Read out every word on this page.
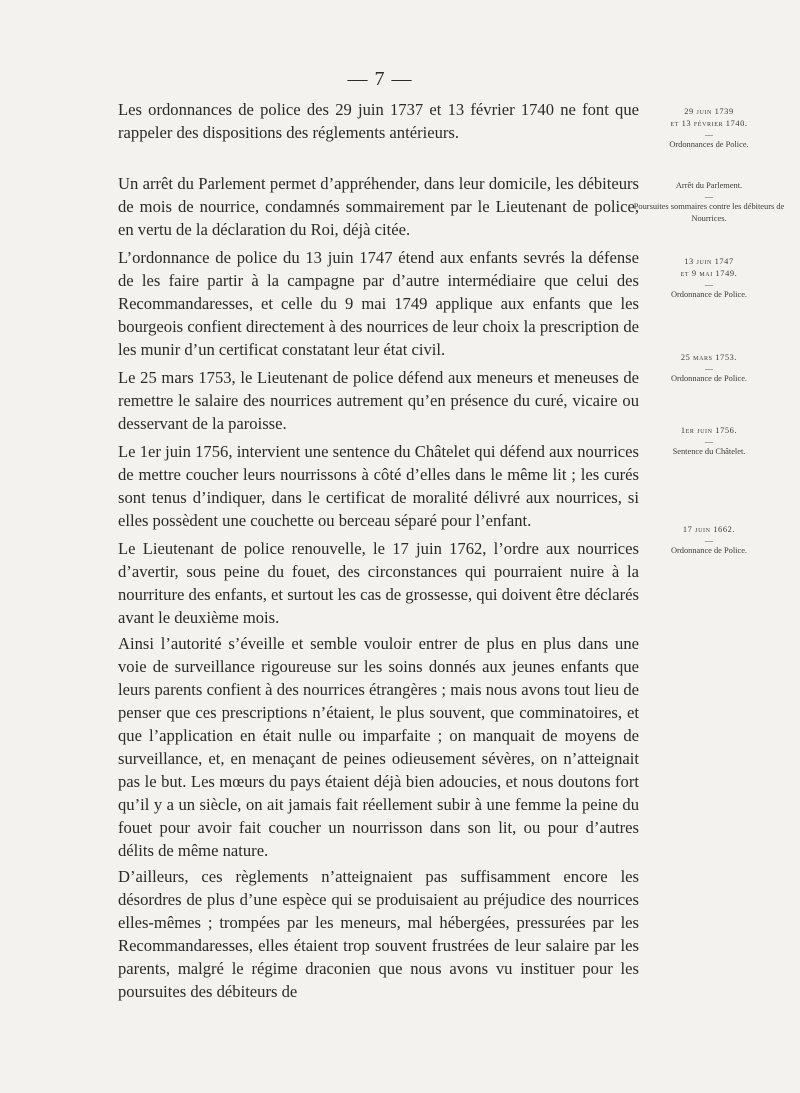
— 7 —

Les ordonnances de police des 29 juin 1737 et 13 février 1740 ne font que rappeler des dispositions des réglements antérieurs.

Un arrêt du Parlement permet d’appréhender, dans leur domicile, les débiteurs de mois de nourrice, condamnés sommairement par le Lieutenant de police, en vertu de la déclaration du Roi, déjà citée.

L’ordonnance de police du 13 juin 1747 étend aux enfants sevrés la défense de les faire partir à la campagne par d’autre intermédiaire que celui des Recommandaresses, et celle du 9 mai 1749 applique aux enfants que les bourgeois confient directement à des nourrices de leur choix la prescription de les munir d’un certificat constatant leur état civil.

Le 25 mars 1753, le Lieutenant de police défend aux meneurs et meneuses de remettre le salaire des nourrices autrement qu’en présence du curé, vicaire ou desservant de la paroisse.

Le 1er juin 1756, intervient une sentence du Châtelet qui défend aux nourrices de mettre coucher leurs nourrissons à côté d’elles dans le même lit ; les curés sont tenus d’indiquer, dans le certificat de moralité délivré aux nourrices, si elles possèdent une couchette ou berceau séparé pour l’enfant.

Le Lieutenant de police renouvelle, le 17 juin 1762, l’ordre aux nourrices d’avertir, sous peine du fouet, des circonstances qui pourraient nuire à la nourriture des enfants, et surtout les cas de grossesse, qui doivent être déclarés avant le deuxième mois.

Ainsi l’autorité s’éveille et semble vouloir entrer de plus en plus dans une voie de surveillance rigoureuse sur les soins donnés aux jeunes enfants que leurs parents confient à des nourrices étrangères ; mais nous avons tout lieu de penser que ces prescriptions n’étaient, le plus souvent, que comminatoires, et que l’application en était nulle ou imparfaite ; on manquait de moyens de surveillance, et, en menaçant de peines odieusement sévères, on n’atteignait pas le but. Les mœurs du pays étaient déjà bien adoucies, et nous doutons fort qu’il y a un siècle, on ait jamais fait réellement subir à une femme la peine du fouet pour avoir fait coucher un nourrisson dans son lit, ou pour d’autres délits de même nature.

D’ailleurs, ces règlements n’atteignaient pas suffisamment encore les désordres de plus d’une espèce qui se produisaient au préjudice des nourrices elles-mêmes ; trompées par les meneurs, mal hébergées, pressurées par les Recommandaresses, elles étaient trop souvent frustrées de leur salaire par les parents, malgré le régime draconien que nous avons vu instituer pour les poursuites des débiteurs de

29 juin 1739
et 13 février 1740.
—
Ordonnances de Police.
Arrêt du Parlement.
—
Poursuites sommaires contre les débiteurs de Nourrices.
13 juin 1747
et 9 mai 1749.
—
Ordonnance de Police.
25 mars 1753.
—
Ordonnance de Police.
1er juin 1756.
—
Sentence du Châtelet.
17 juin 1662.
—
Ordonnance de Police.
